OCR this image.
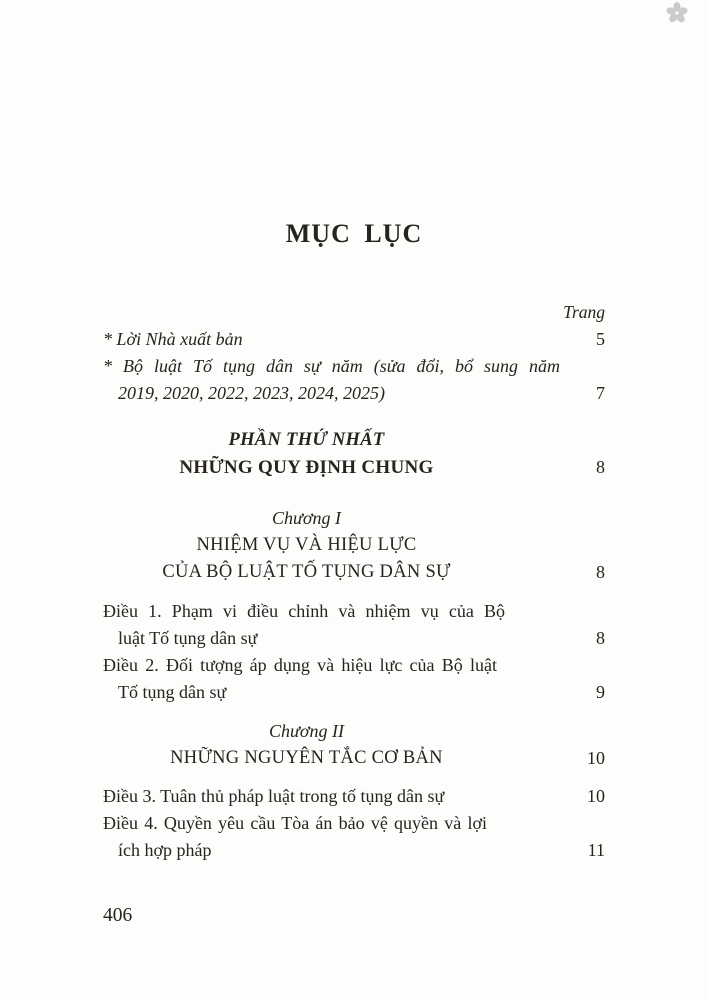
MỤC LỤC
Trang
* Lời Nhà xuất bản	5
* Bộ luật Tố tụng dân sự năm (sửa đổi, bổ sung năm
2019, 2020, 2022, 2023, 2024, 2025)	7
PHẦN THỨ NHẤT
NHỮNG QUY ĐỊNH CHUNG	8
Chương I
NHIỆM VỤ VÀ HIỆU LỰC
CỦA BỘ LUẬT TỐ TỤNG DÂN SỰ	8
Điều 1. Phạm vi điều chỉnh và nhiệm vụ của Bộ
luật Tố tụng dân sự	8
Điều 2. Đối tượng áp dụng và hiệu lực của Bộ luật
Tố tụng dân sự	9
Chương II
NHỮNG NGUYÊN TẮC CƠ BẢN	10
Điều 3. Tuân thủ pháp luật trong tố tụng dân sự	10
Điều 4. Quyền yêu cầu Tòa án bảo vệ quyền và lợi
ích hợp pháp	11
406
